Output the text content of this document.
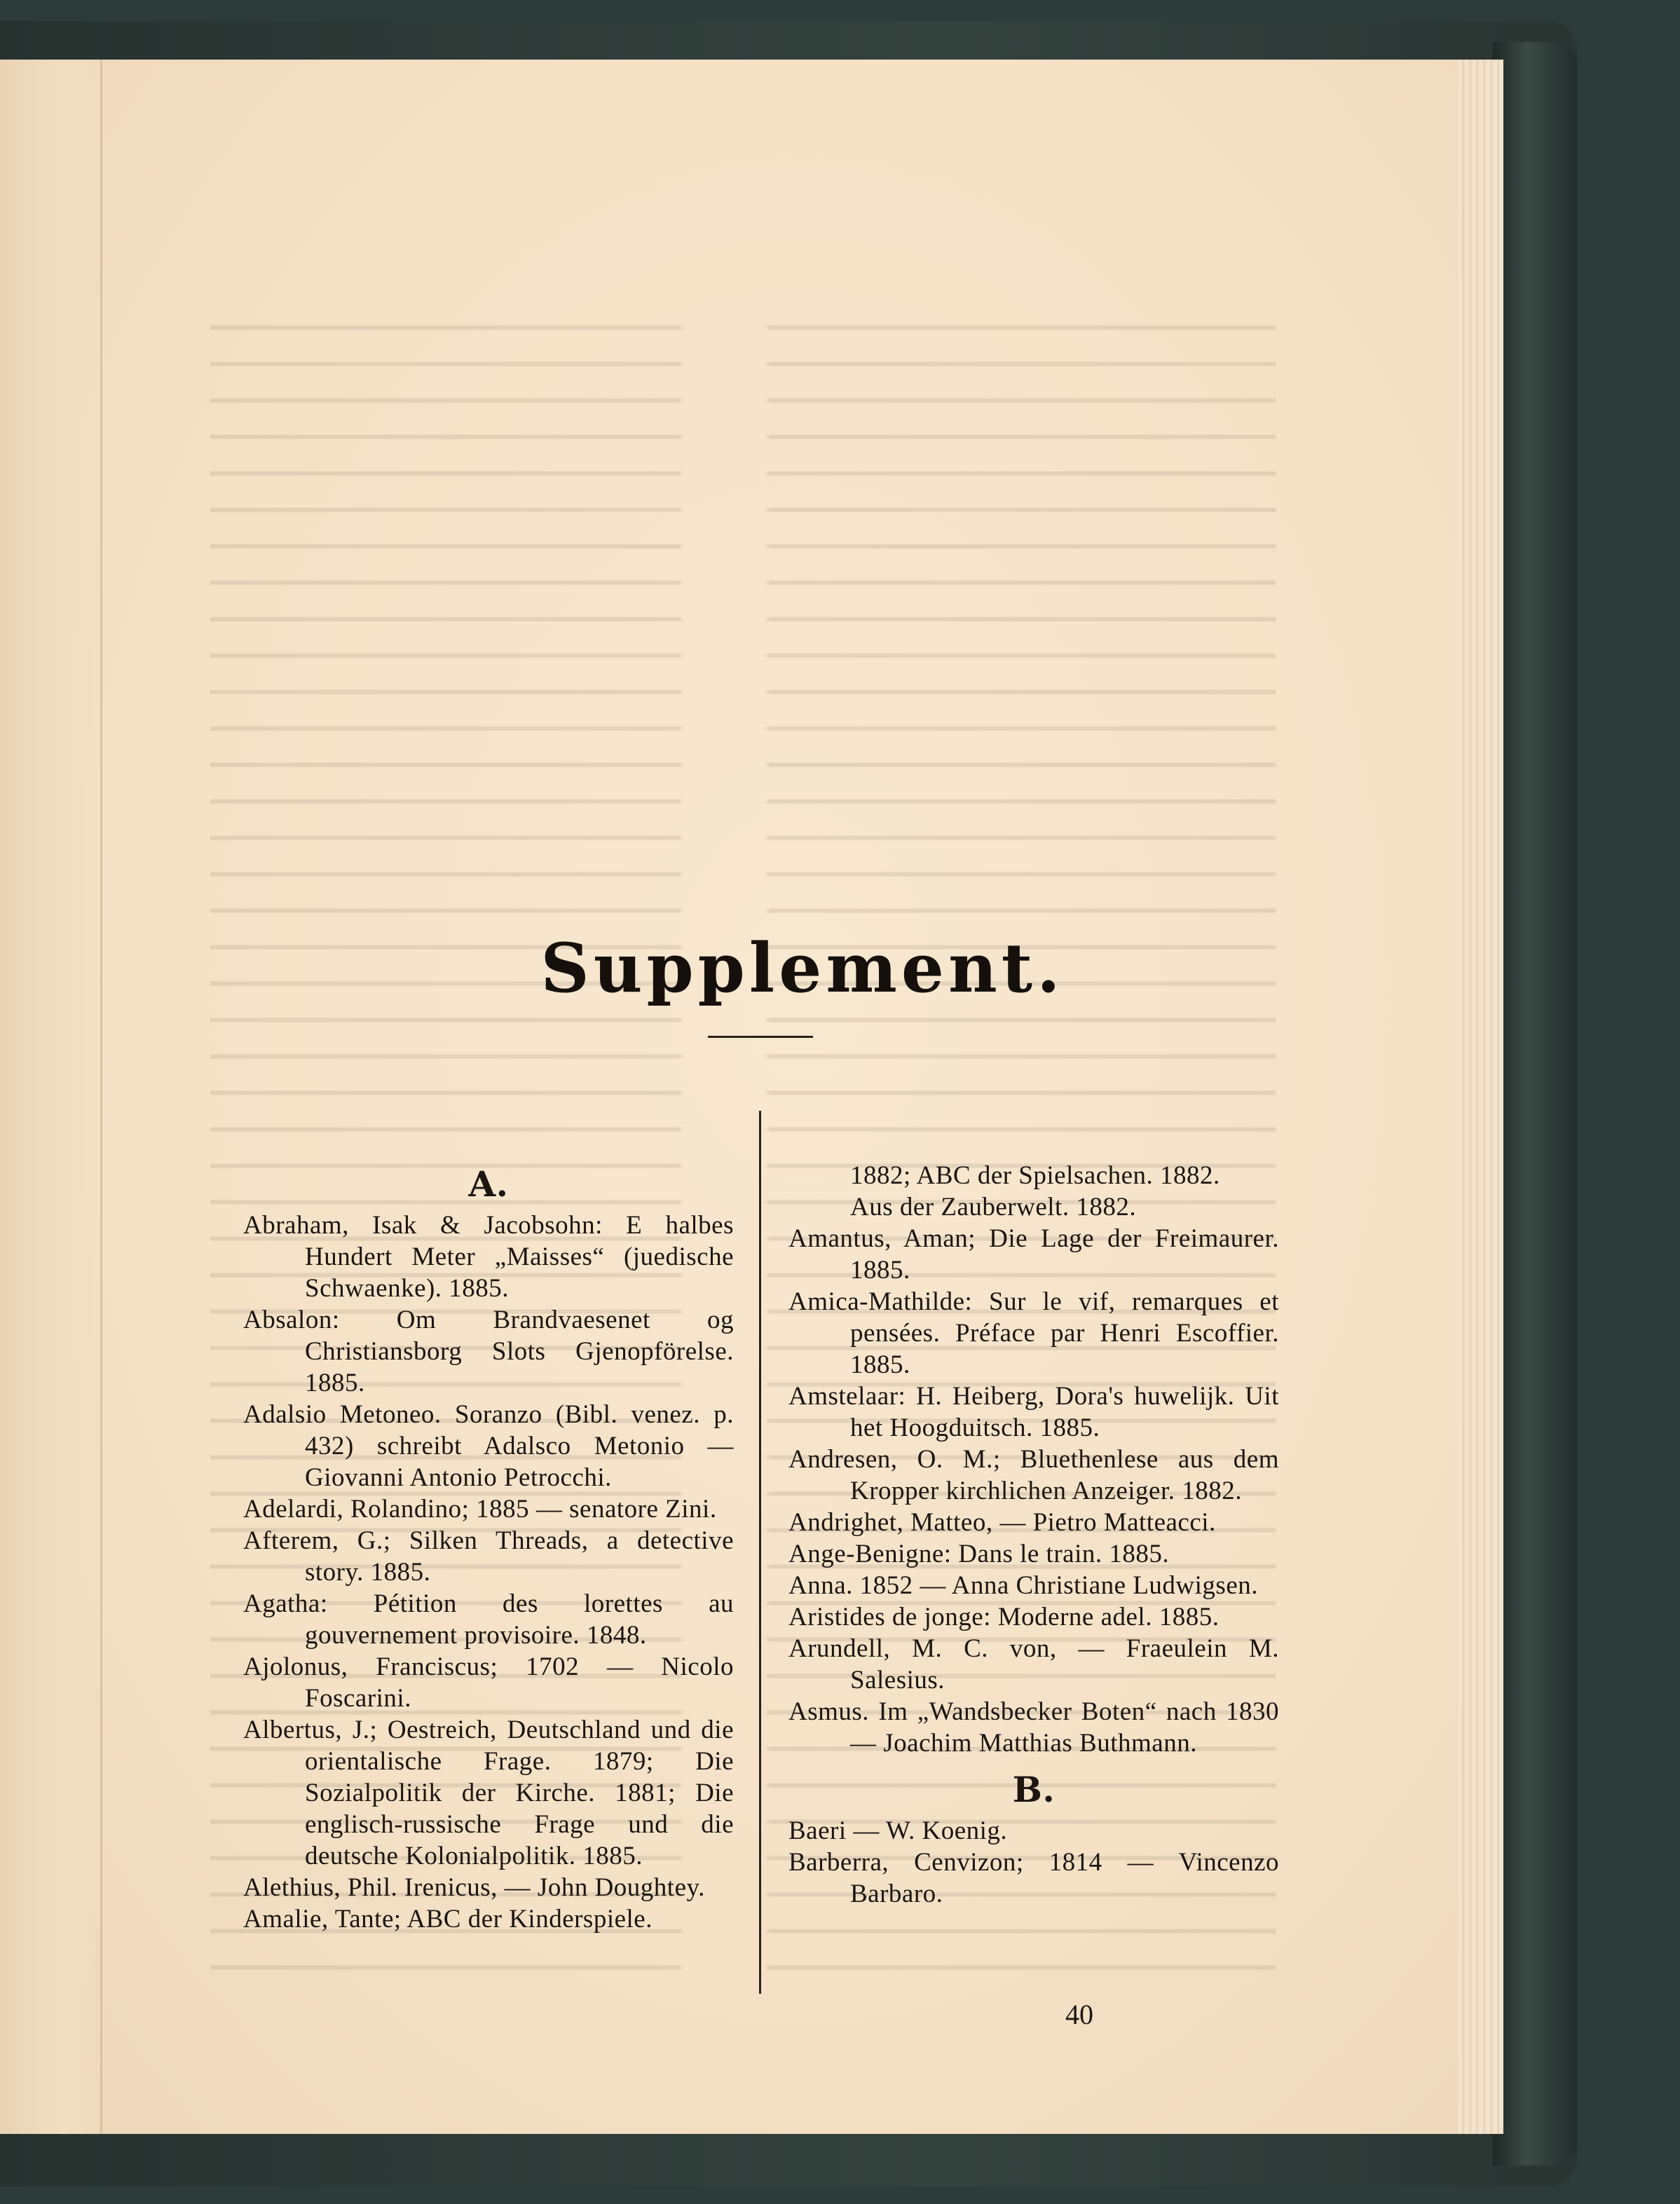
Supplement.
A.

Abraham, Isak & Jacobsohn: E halbes Hundert Meter „Maisses“ (juedische Schwaenke). 1885.

Absalon: Om Brandvaesenet og Christiansborg Slots Gjenopförelse. 1885.

Adalsio Metoneo. Soranzo (Bibl. venez. p. 432) schreibt Adalsco Metonio — Giovanni Antonio Petrocchi.

Adelardi, Rolandino; 1885 — senatore Zini.

Afterem, G.; Silken Threads, a detective story. 1885.

Agatha: Pétition des lorettes au gouvernement provisoire. 1848.

Ajolonus, Franciscus; 1702 — Nicolo Foscarini.

Albertus, J.; Oestreich, Deutschland und die orientalische Frage. 1879; Die Sozialpolitik der Kirche. 1881; Die englisch-russische Frage und die deutsche Kolonialpolitik. 1885.

Alethius, Phil. Irenicus, — John Doughtey.

Amalie, Tante; ABC der Kinderspiele.

1882; ABC der Spielsachen. 1882.

Aus der Zauberwelt. 1882.

Amantus, Aman; Die Lage der Freimaurer. 1885.

Amica-Mathilde: Sur le vif, remarques et pensées. Préface par Henri Escoffier. 1885.

Amstelaar: H. Heiberg, Dora's huwelijk. Uit het Hoogduitsch. 1885.

Andresen, O. M.; Bluethenlese aus dem Kropper kirchlichen Anzeiger. 1882.

Andrighet, Matteo, — Pietro Matteacci.

Ange-Benigne: Dans le train. 1885.

Anna. 1852 — Anna Christiane Ludwigsen.

Aristides de jonge: Moderne adel. 1885.

Arundell, M. C. von, — Fraeulein M. Salesius.

Asmus. Im „Wandsbecker Boten“ nach 1830 — Joachim Matthias Buthmann.

B.

Baeri — W. Koenig.

Barberra, Cenvizon; 1814 — Vincenzo Barbaro.

40
